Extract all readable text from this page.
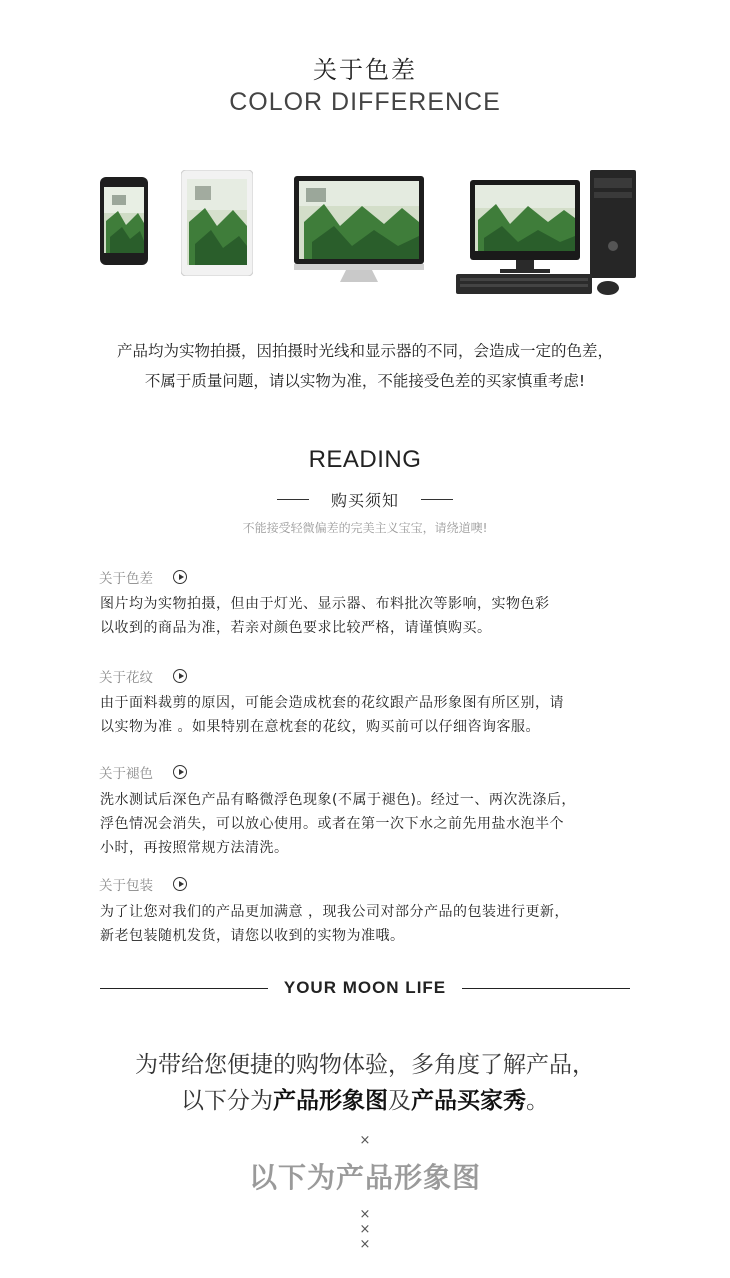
关于色差
COLOR DIFFERENCE
产品均为实物拍摄，因拍摄时光线和显示器的不同，会造成一定的色差，
不属于质量问题，请以实物为准，不能接受色差的买家慎重考虑!
READING
购买须知
不能接受轻微偏差的完美主义宝宝，请绕道噢!
关于色差
图片均为实物拍摄，但由于灯光、显示器、布料批次等影响，实物色彩
以收到的商品为准，若亲对颜色要求比较严格，请谨慎购买。
关于花纹
由于面料裁剪的原因，可能会造成枕套的花纹跟产品形象图有所区别，请
以实物为准 。如果特别在意枕套的花纹，购买前可以仔细咨询客服。
关于褪色
洗水测试后深色产品有略微浮色现象(不属于褪色)。经过一、两次洗涤后，
浮色情况会消失，可以放心使用。或者在第一次下水之前先用盐水泡半个
小时，再按照常规方法清洗。
关于包装
为了让您对我们的产品更加满意 ，现我公司对部分产品的包装进行更新，
新老包装随机发货，请您以收到的实物为准哦。
YOUR MOON LIFE
为带给您便捷的购物体验，多角度了解产品，
以下分为产品形象图及产品买家秀。
×
以下为产品形象图
×
×
×
